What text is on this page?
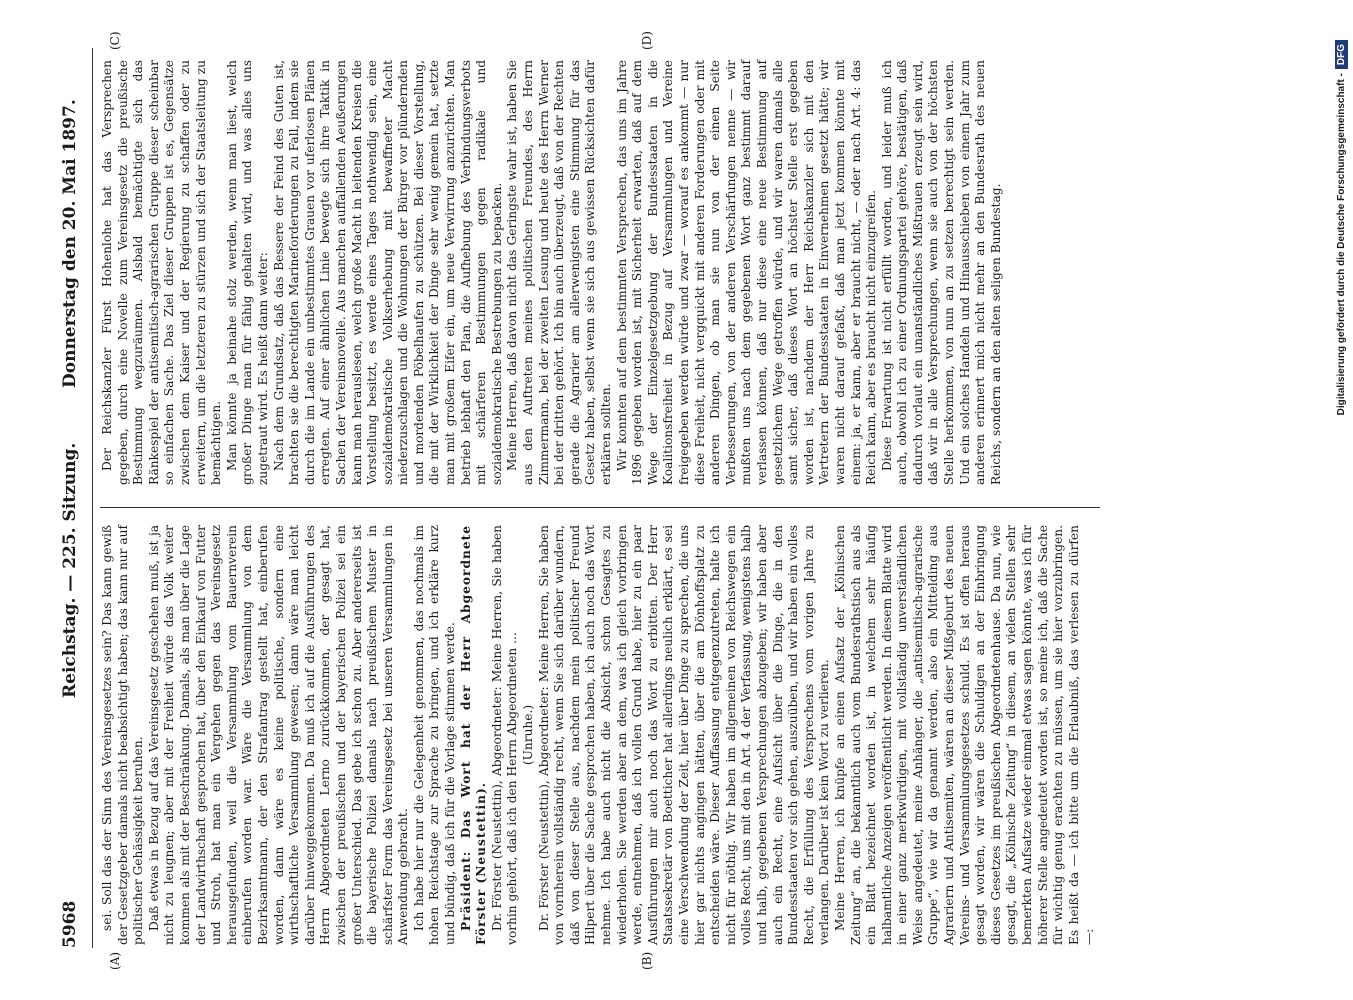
5968
Reichstag. — 225. Sitzung.
Donnerstag den 20. Mai 1897.
(A)	(B)
(C)	(D)

sei. Soll das der Sinn des Vereinsgesetzes sein? Das kann gewiß der Gesetzgeber damals nicht beabsichtigt haben; das kann nur auf politischer Gehässigkeit beruhen. Daß etwas in Bezug auf das Vereinsgesetz geschehen muß, ist ja nicht zu leugnen; aber mit der Freiheit würde das Volk weiter kommen als mit der Beschränkung. Damals, als man über die Lage der Landwirthschaft gesprochen hat, über den Einkauf von Futter und Stroh, hat man ein Vergehen gegen das Vereinsgesetz herausgefunden, weil die Versammlung vom Bauernverein einberufen worden war. Wäre die Versammlung von dem Bezirksamtmann, der den Strafantrag gestellt hat, einberufen worden, dann wäre es keine politische, sondern eine wirthschaftliche Versammlung gewesen; dann wäre man leicht darüber hinweggekommen. Da muß ich auf die Ausführungen des Herrn Abgeordneten Lerno zurückkommen, der gesagt hat, zwischen der preußischen und der bayerischen Polizei sei ein großer Unterschied. Das gebe ich schon zu. Aber andererseits ist die bayerische Polizei damals nach preußischem Muster in schärfster Form das Vereinsgesetz bei unseren Versammlungen in Anwendung gebracht. Ich habe hier nur die Gelegenheit genommen, das nochmals im hohen Reichstage zur Sprache zu bringen, und ich erkläre kurz und bündig, daß ich für die Vorlage stimmen werde. Präsident: Das Wort hat der Herr Abgeordnete Förster (Neustettin). Dr. Förster (Neustettin), Abgeordneter: Meine Herren, Sie haben vorhin gehört, daß ich den Herrn Abgeordneten ... (Unruhe.) Dr. Förster (Neustettin), Abgeordneter: Meine Herren, Sie haben von vornherein vollständig recht, wenn Sie sich darüber wundern, daß von dieser Stelle aus, nachdem mein politischer Freund Hilpert über die Sache gesprochen haben, ich auch noch das Wort nehme. Ich habe auch nicht die Absicht, schon Gesagtes zu wiederholen. Sie werden aber an dem, was ich gleich vorbringen werde, entnehmen, daß ich vollen Grund habe, hier zu ein paar Ausführungen mir auch noch das Wort zu erbitten. Der Herr Staatssekretär von Boetticher hat allerdings neulich erklärt, es sei eine Verschwendung der Zeit, hier über Dinge zu sprechen, die uns hier gar nichts angingen hätten, über die am Dönhoffsplatz zu entscheiden wäre. Dieser Auffassung entgegenzutreten, halte ich nicht für nöthig. Wir haben im allgemeinen von Reichswegen ein volles Recht, uns mit den in Art. 4 der Verfassung, wenigstens halb und halb, gegebenen Versprechungen abzugeben; wir haben aber auch ein Recht, eine Aufsicht über die Dinge, die in den Bundesstaaten vor sich gehen, auszuüben, und wir haben ein volles Recht, die Erfüllung des Versprechens vom vorigen Jahre zu verlangen. Darüber ist kein Wort zu verlieren. Meine Herren, ich knüpfe an einen Aufsatz der „Kölnischen Zeitung“ an, die bekanntlich auch vom Bundesrathstisch aus als ein Blatt bezeichnet worden ist, in welchem sehr häufig halbamtliche Anzeigen veröffentlicht werden. In diesem Blatte wird in einer ganz merkwürdigen, mit vollständig unverständlichen Weise angedeutet, meine Anhänger, die „antisemitisch-agrarische Gruppe“, wie wir da genannt werden, also ein Mittelding aus Agrariern und Antisemiten, wären an dieser Mißgeburt des neuen Vereins- und Versammlungsgesetzes schuld. Es ist offen heraus gesagt worden, wir wären die Schuldigen an der Einbringung dieses Gesetzes im preußischen Abgeordnetenhause. Da nun, wie gesagt, die „Kölnische Zeitung“ in diesem, an vielen Stellen sehr bemerkten Aufsatze wieder einmal etwas sagen könnte, was ich für höherer Stelle angedeutet worden ist, so meine ich, daß die Sache für wichtig genug erachten zu müssen, um sie hier vorzubringen. Es heißt da — ich bitte um die Erlaubniß, das verlesen zu dürfen —:

Der Reichskanzler Fürst Hohenlohe hat das Versprechen gegeben, durch eine Novelle zum Vereinsgesetz die preußische Bestimmung wegzuräumen. Alsbald bemächtigte sich das Ränkespiel der antisemitisch-agrarischen Gruppe dieser scheinbar so einfachen Sache. Das Ziel dieser Gruppen ist es, Gegensätze zwischen dem Kaiser und der Regierung zu schaffen oder zu erweitern, um die letzteren zu stürzen und sich der Staatsleitung zu bemächtigen. Man könnte ja beinahe stolz werden, wenn man liest, welch großer Dinge man für fähig gehalten wird, und was alles uns zugetraut wird. Es heißt dann weiter: Nach dem Grundsatz, daß das Bessere der Feind des Guten ist, brachten sie die berechtigten Marineforderungen zu Fall, indem sie durch die im Lande ein unbestimmtes Grauen vor uferlosen Plänen erregten. Auf einer ähnlichen Linie bewegte sich ihre Taktik in Sachen der Vereinsnovelle. Aus manchen auffallenden Aeußerungen kann man herauslesen, welch große Macht in leitenden Kreisen die Vorstellung besitzt, es werde eines Tages nothwendig sein, eine sozialdemokratische Volkserhebung mit bewaffneter Macht niederzuschlagen und die Wohnungen der Bürger vor plündernden und mordenden Pöbelhaufen zu schützen. Bei dieser Vorstellung, die mit der Wirklichkeit der Dinge sehr wenig gemein hat, setzte man mit großem Eifer ein, um neue Verwirrung anzurichten. Man betrieb lebhaft den Plan, die Aufhebung des Verbindungsverbots mit schärferen Bestimmungen gegen radikale und sozialdemokratische Bestrebungen zu bepacken. Meine Herren, daß davon nicht das Geringste wahr ist, haben Sie aus den Auftreten meines politischen Freundes, des Herrn Zimmermann, bei der zweiten Lesung und heute des Herrn Werner bei der dritten gehört. Ich bin auch überzeugt, daß von der Rechten gerade die Agrarier am allerwenigsten eine Stimmung für das Gesetz haben, selbst wenn sie sich aus gewissen Rücksichten dafür erklären sollten. Wir konnten auf dem bestimmten Versprechen, das uns im Jahre 1896 gegeben worden ist, mit Sicherheit erwarten, daß auf dem Wege der Einzelgesetzgebung der Bundesstaaten in die Koalitionsfreiheit in Bezug auf Versammlungen und Vereine freigegeben werden würde und zwar — worauf es ankommt — nur diese Freiheit, nicht vergquickt mit anderen Forderungen oder mit anderen Dingen, ob man sie nun von der einen Seite Verbesserungen, von der anderen Verschärfungen nenne — wir mußten uns nach dem gegebenen Wort ganz bestimmt darauf verlassen können, daß nur diese eine neue Bestimmung auf gesetzlichem Wege getroffen würde, und wir waren damals alle samt sicher, daß dieses Wort an höchster Stelle erst gegeben worden ist, nachdem der Herr Reichskanzler sich mit den Vertretern der Bundesstaaten in Einvernehmen gesetzt hätte; wir waren nicht darauf gefaßt, daß man jetzt kommen könnte mit einem: ja, er kann, aber er braucht nicht, — oder nach Art. 4: das Reich kann, aber es braucht nicht einzugreifen. Diese Erwartung ist nicht erfüllt worden, und leider muß ich auch, obwohl ich zu einer Ordnungspartei gehöre, bestätigen, daß dadurch vorlaut ein unanständliches Mißtrauen erzeugt sein wird, daß wir in alle Versprechungen, wenn sie auch von der höchsten Stelle herkommen, von nun an zu setzen berechtigt sein werden. Und ein solches Handeln und Hinausschieben von einem Jahr zum anderen erinnert mich nicht mehr an den Bundesrath des neuen Reichs, sondern an den alten seligen Bundestag.	Digitalisierung gefördert durch die Deutsche Forschungsgemeinschaft -DFG
